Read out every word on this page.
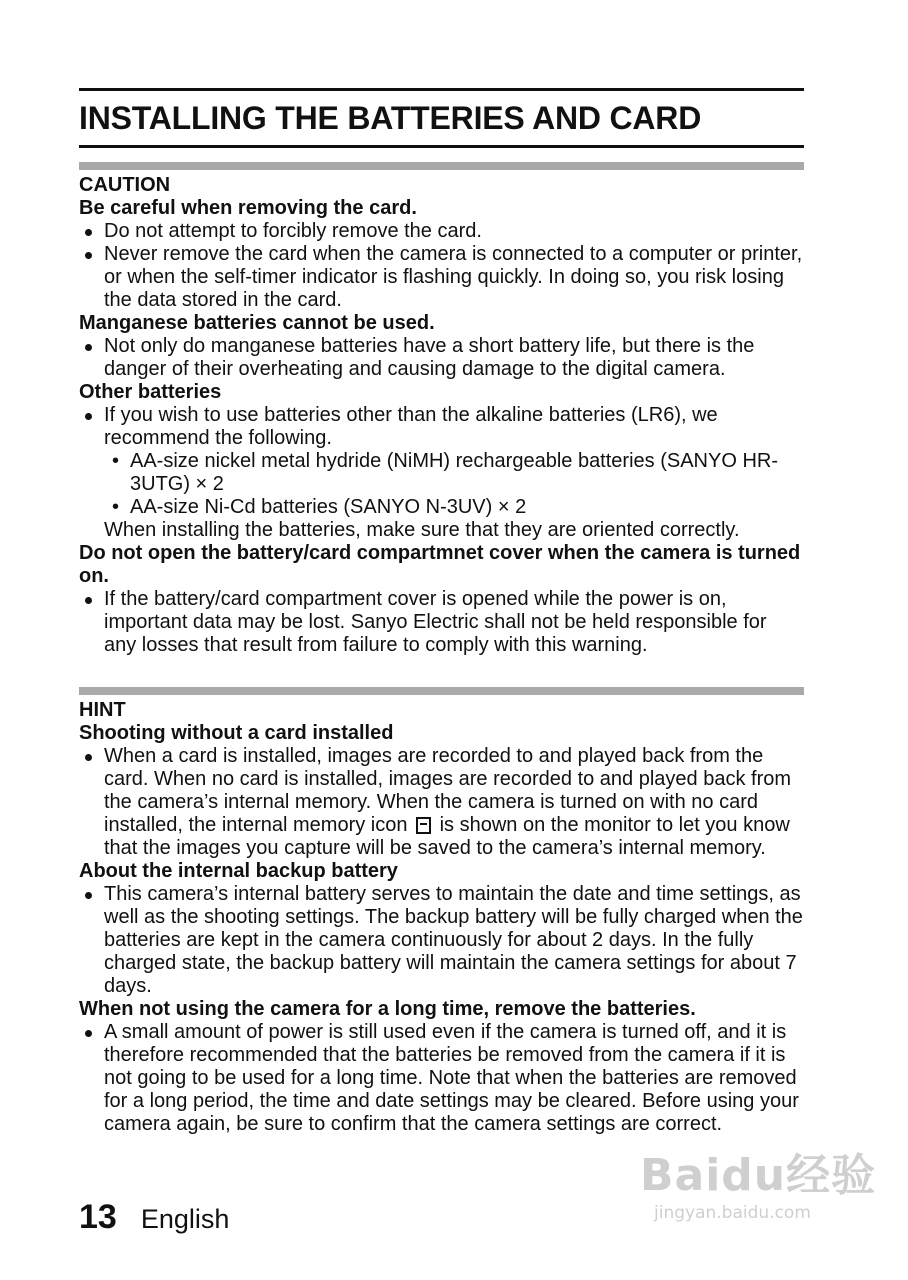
INSTALLING THE BATTERIES AND CARD
CAUTION
Be careful when removing the card.
Do not attempt to forcibly remove the card.
Never remove the card when the camera is connected to a computer or printer, or when the self-timer indicator is flashing quickly. In doing so, you risk losing the data stored in the card.
Manganese batteries cannot be used.
Not only do manganese batteries have a short battery life, but there is the danger of their overheating and causing damage to the digital camera.
Other batteries
If you wish to use batteries other than the alkaline batteries (LR6), we recommend the following.
• AA-size nickel metal hydride (NiMH) rechargeable batteries (SANYO HR-3UTG) × 2
• AA-size Ni-Cd batteries (SANYO N-3UV) × 2
When installing the batteries, make sure that they are oriented correctly.
Do not open the battery/card compartmnet cover when the camera is turned on.
If the battery/card compartment cover is opened while the power is on, important data may be lost. Sanyo Electric shall not be held responsible for any losses that result from failure to comply with this warning.
HINT
Shooting without a card installed
When a card is installed, images are recorded to and played back from the card. When no card is installed, images are recorded to and played back from the camera’s internal memory. When the camera is turned on with no card installed, the internal memory icon is shown on the monitor to let you know that the images you capture will be saved to the camera’s internal memory.
About the internal backup battery
This camera’s internal battery serves to maintain the date and time settings, as well as the shooting settings. The backup battery will be fully charged when the batteries are kept in the camera continuously for about 2 days. In the fully charged state, the backup battery will maintain the camera settings for about 7 days.
When not using the camera for a long time, remove the batteries.
A small amount of power is still used even if the camera is turned off, and it is therefore recommended that the batteries be removed from the camera if it is not going to be used for a long time. Note that when the batteries are removed for a long period, the time and date settings may be cleared. Before using your camera again, be sure to confirm that the camera settings are correct.
13 English
Baidu经验
jingyan.baidu.com
